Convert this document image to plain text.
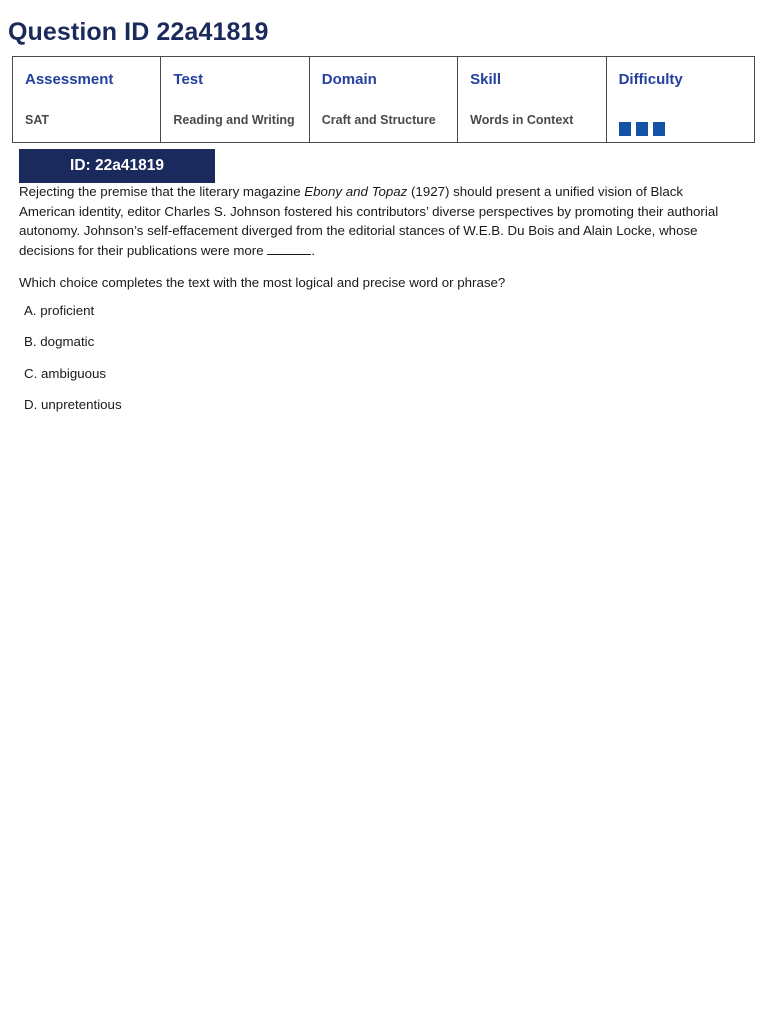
Question ID 22a41819
Assessment
SAT

Test
Reading and Writing

Domain
Craft and Structure

Skill
Words in Context

Difficulty
ID: 22a41819

Rejecting the premise that the literary magazine Ebony and Topaz (1927) should present a unified vision of Black American identity, editor Charles S. Johnson fostered his contributors’ diverse perspectives by promoting their authorial autonomy. Johnson’s self-effacement diverged from the editorial stances of W.E.B. Du Bois and Alain Locke, whose decisions for their publications were more	.

Which choice completes the text with the most logical and precise word or phrase?

A. proficient
B. dogmatic
C. ambiguous
D. unpretentious
